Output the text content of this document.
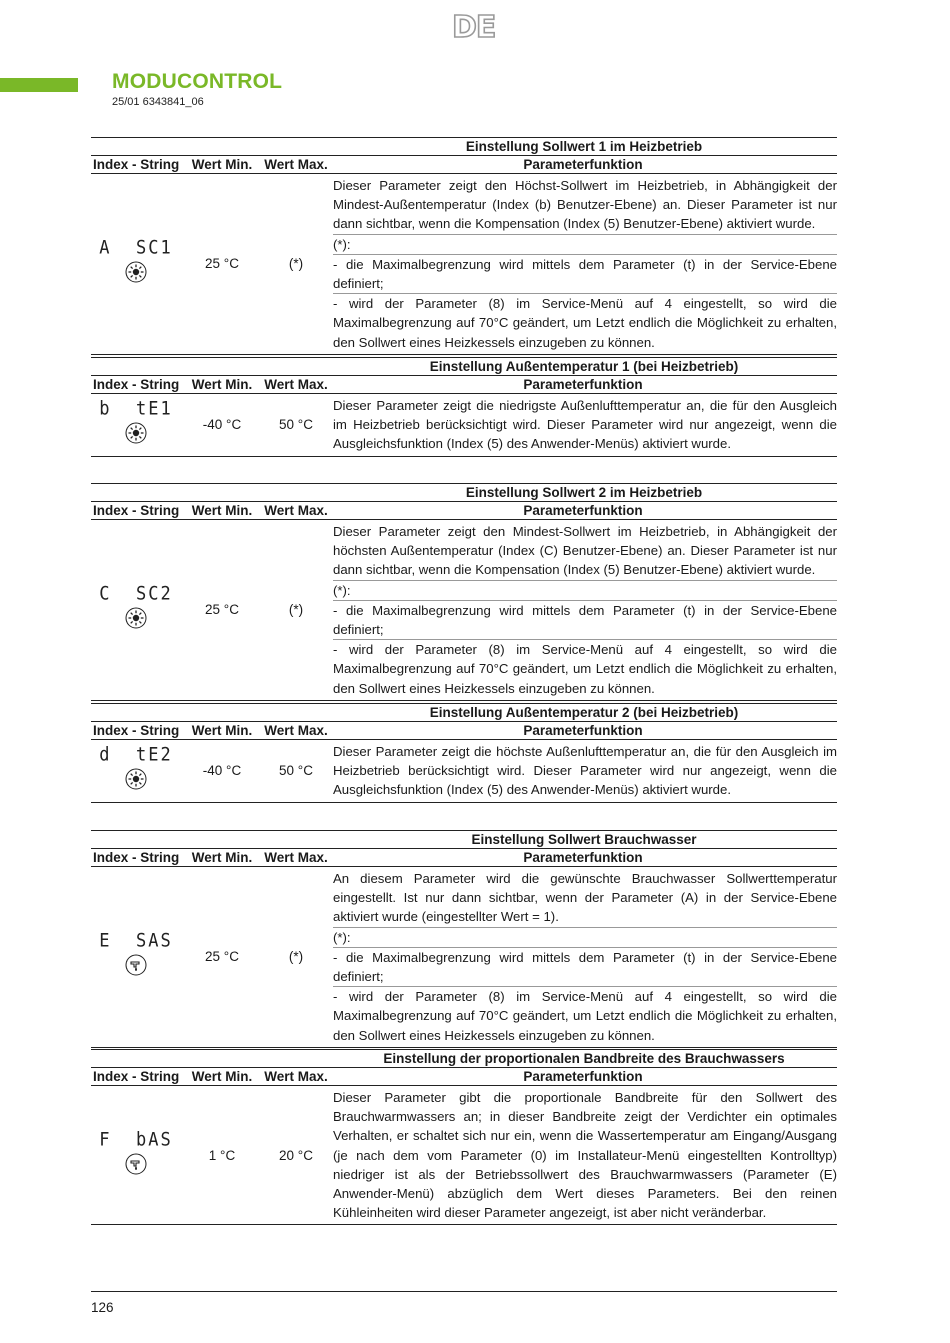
DE
MODUCONTROL
25/01 6343841_06
Einstellung Sollwert 1 im Heizbetrieb
Index - String Wert Min. Wert Max.	Parameterfunktion
A  SC1
25 °C	(*)

Dieser Parameter zeigt den Höchst-Sollwert im Heizbetrieb, in Abhängigkeit der Mindest-Außentemperatur (Index (b) Benutzer-Ebene) an. Dieser Parameter ist nur dann sichtbar, wenn die Kompensation (Index (5) Benutzer-Ebene) aktiviert wurde.

(*):

- die Maximalbegrenzung wird mittels dem Parameter (t) in der Service-Ebene definiert;

- wird der Parameter (8) im Service-Menü auf 4 eingestellt, so wird die Maximalbegrenzung auf 70°C geändert, um Letzt endlich die Möglichkeit zu erhalten, den Sollwert eines Heizkessels einzugeben zu können.

Einstellung Außentemperatur 1 (bei Heizbetrieb)
Index - String Wert Min. Wert Max.	Parameterfunktion
b  tE1
-40 °C	50 °C

Dieser Parameter zeigt die niedrigste Außenlufttemperatur an, die für den Ausgleich im Heizbetrieb berücksichtigt wird. Dieser Parameter wird nur angezeigt, wenn die Ausgleichsfunktion (Index (5) des Anwender-Menüs) aktiviert wurde.

Einstellung Sollwert 2 im Heizbetrieb
Index - String Wert Min. Wert Max.	Parameterfunktion
C  SC2
25 °C	(*)

Dieser Parameter zeigt den Mindest-Sollwert im Heizbetrieb, in Abhängigkeit der höchsten Außentemperatur (Index (C) Benutzer-Ebene) an. Dieser Parameter ist nur dann sichtbar, wenn die Kompensation (Index (5) Benutzer-Ebene) aktiviert wurde.

(*):

- die Maximalbegrenzung wird mittels dem Parameter (t) in der Service-Ebene definiert;

- wird der Parameter (8) im Service-Menü auf 4 eingestellt, so wird die Maximalbegrenzung auf 70°C geändert, um Letzt endlich die Möglichkeit zu erhalten, den Sollwert eines Heizkessels einzugeben zu können.

Einstellung Außentemperatur 2 (bei Heizbetrieb)
Index - String Wert Min. Wert Max.	Parameterfunktion
d  tE2
-40 °C	50 °C

Dieser Parameter zeigt die höchste Außenlufttemperatur an, die für den Ausgleich im Heizbetrieb berücksichtigt wird. Dieser Parameter wird nur angezeigt, wenn die Ausgleichsfunktion (Index (5) des Anwender-Menüs) aktiviert wurde.

Einstellung Sollwert Brauchwasser
Index - String Wert Min. Wert Max.	Parameterfunktion
E  SAS
25 °C	(*)

An diesem Parameter wird die gewünschte Brauchwasser Sollwerttemperatur eingestellt. Ist nur dann sichtbar, wenn der Parameter (A) in der Service-Ebene aktiviert wurde (eingestellter Wert = 1).

(*):

- die Maximalbegrenzung wird mittels dem Parameter (t) in der Service-Ebene definiert;

- wird der Parameter (8) im Service-Menü auf 4 eingestellt, so wird die Maximalbegrenzung auf 70°C geändert, um Letzt endlich die Möglichkeit zu erhalten, den Sollwert eines Heizkessels einzugeben zu können.

Einstellung der proportionalen Bandbreite des Brauchwassers
Index - String Wert Min. Wert Max.	Parameterfunktion
F  bAS
1 °C	20 °C

Dieser Parameter gibt die proportionale Bandbreite für den Sollwert des Brauchwarmwassers an; in dieser Bandbreite zeigt der Verdichter ein optimales Verhalten, er schaltet sich nur ein, wenn die Wassertemperatur am Eingang/Ausgang (je nach dem vom Parameter (0) im Installateur-Menü eingestellten Kontrolltyp) niedriger ist als der Betriebssollwert des Brauchwarmwassers (Parameter (E) Anwender-Menü) abzüglich dem Wert dieses Parameters. Bei den reinen Kühleinheiten wird dieser Parameter angezeigt, ist aber nicht veränderbar.

126
